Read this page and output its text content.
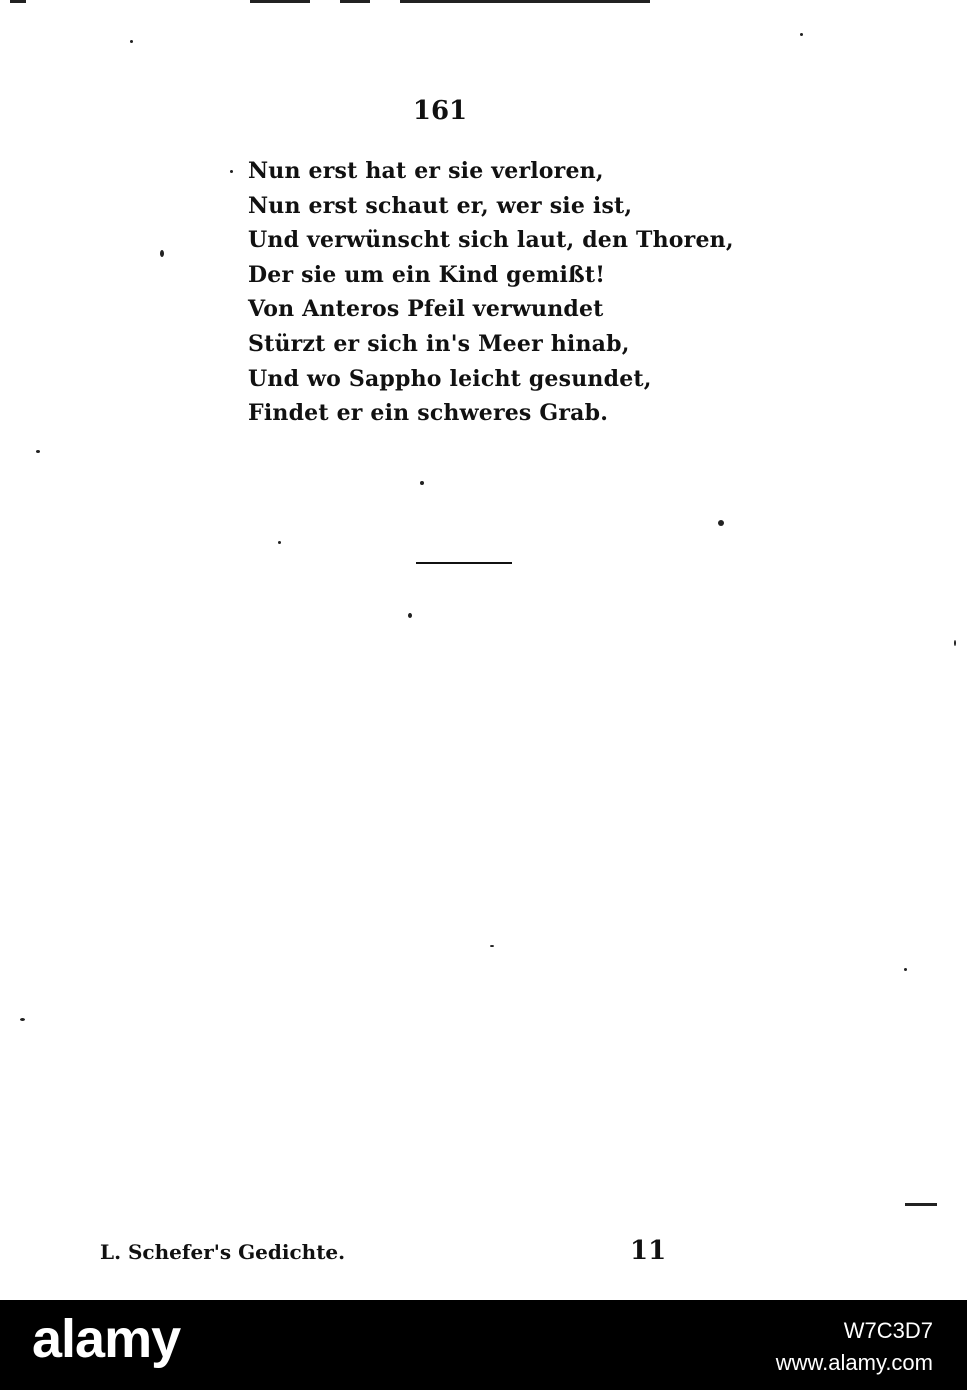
161
Nun erst hat er sie verloren,
Nun erst schaut er, wer sie ist,
Und verwünscht sich laut, den Thoren,
Der sie um ein Kind gemißt!
Von Anteros Pfeil verwundet
Stürzt er sich in's Meer hinab,
Und wo Sappho leicht gesundet,
Findet er ein schweres Grab.
L. Schefer's Gedichte.	11
alamy	W7C3D7
www.alamy.com
